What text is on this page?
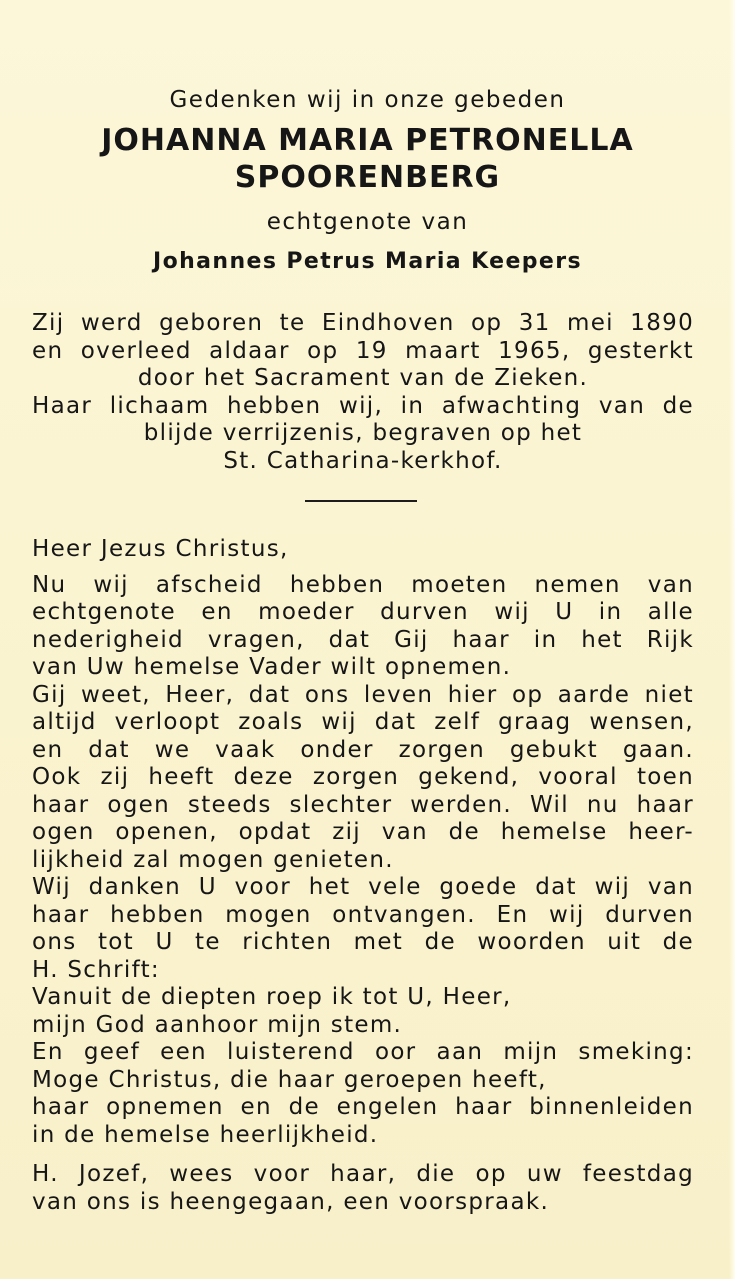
Gedenken wij in onze gebeden

JOHANNA MARIA PETRONELLA

SPOORENBERG

echtgenote van

Johannes Petrus Maria Keepers

Zij werd geboren te Eindhoven op 31 mei 1890
en overleed aldaar op 19 maart 1965, gesterkt
door het Sacrament van de Zieken.
Haar lichaam hebben wij, in afwachting van de
blijde verrijzenis, begraven op het
St. Catharina-kerkhof.
Heer Jezus Christus,
Nu wij afscheid hebben moeten nemen van
echtgenote en moeder durven wij U in alle
nederigheid vragen, dat Gij haar in het Rijk
van Uw hemelse Vader wilt opnemen.
Gij weet, Heer, dat ons leven hier op aarde niet
altijd verloopt zoals wij dat zelf graag wensen,
en dat we vaak onder zorgen gebukt gaan.
Ook zij heeft deze zorgen gekend, vooral toen
haar ogen steeds slechter werden. Wil nu haar
ogen openen, opdat zij van de hemelse heer-
lijkheid zal mogen genieten.
Wij danken U voor het vele goede dat wij van
haar hebben mogen ontvangen. En wij durven
ons tot U te richten met de woorden uit de
H. Schrift:
Vanuit de diepten roep ik tot U, Heer,
mijn God aanhoor mijn stem.
En geef een luisterend oor aan mijn smeking:
Moge Christus, die haar geroepen heeft,
haar opnemen en de engelen haar binnenleiden
in de hemelse heerlijkheid.
H. Jozef, wees voor haar, die op uw feestdag
van ons is heengegaan, een voorspraak.
